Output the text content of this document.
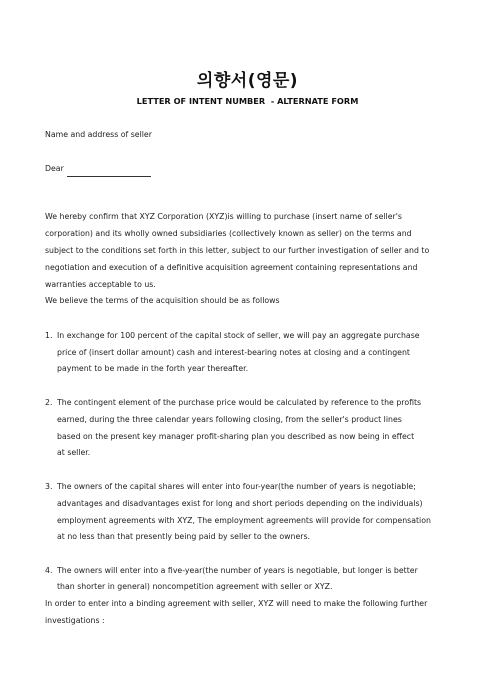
의향서(영문)
LETTER OF INTENT NUMBER  - ALTERNATE FORM
Name and address of seller
Dear
We hereby confirm that XYZ Corporation (XYZ)is willing to purchase (insert name of seller's
corporation) and its wholly owned subsidiaries (collectively known as seller) on the terms and
subject to the conditions set forth in this letter, subject to our further investigation of seller and to
negotiation and execution of a definitive acquisition agreement containing representations and
warranties acceptable to us.
We believe the terms of the acquisition should be as follows
1. In exchange for 100 percent of the capital stock of seller, we will pay an aggregate purchase
price of (insert dollar amount) cash and interest-bearing notes at closing and a contingent
payment to be made in the forth year thereafter.
2. The contingent element of the purchase price would be calculated by reference to the profits
earned, during the three calendar years following closing, from the seller's product lines
based on the present key manager profit-sharing plan you described as now being in effect
at seller.
3. The owners of the capital shares will enter into four-year(the number of years is negotiable;
advantages and disadvantages exist for long and short periods depending on the individuals)
employment agreements with XYZ, The employment agreements will provide for compensation
at no less than that presently being paid by seller to the owners.
4. The owners will enter into a five-year(the number of years is negotiable, but longer is better
than shorter in general) noncompetition agreement with seller or XYZ.
In order to enter into a binding agreement with seller, XYZ will need to make the following further
investigations :
